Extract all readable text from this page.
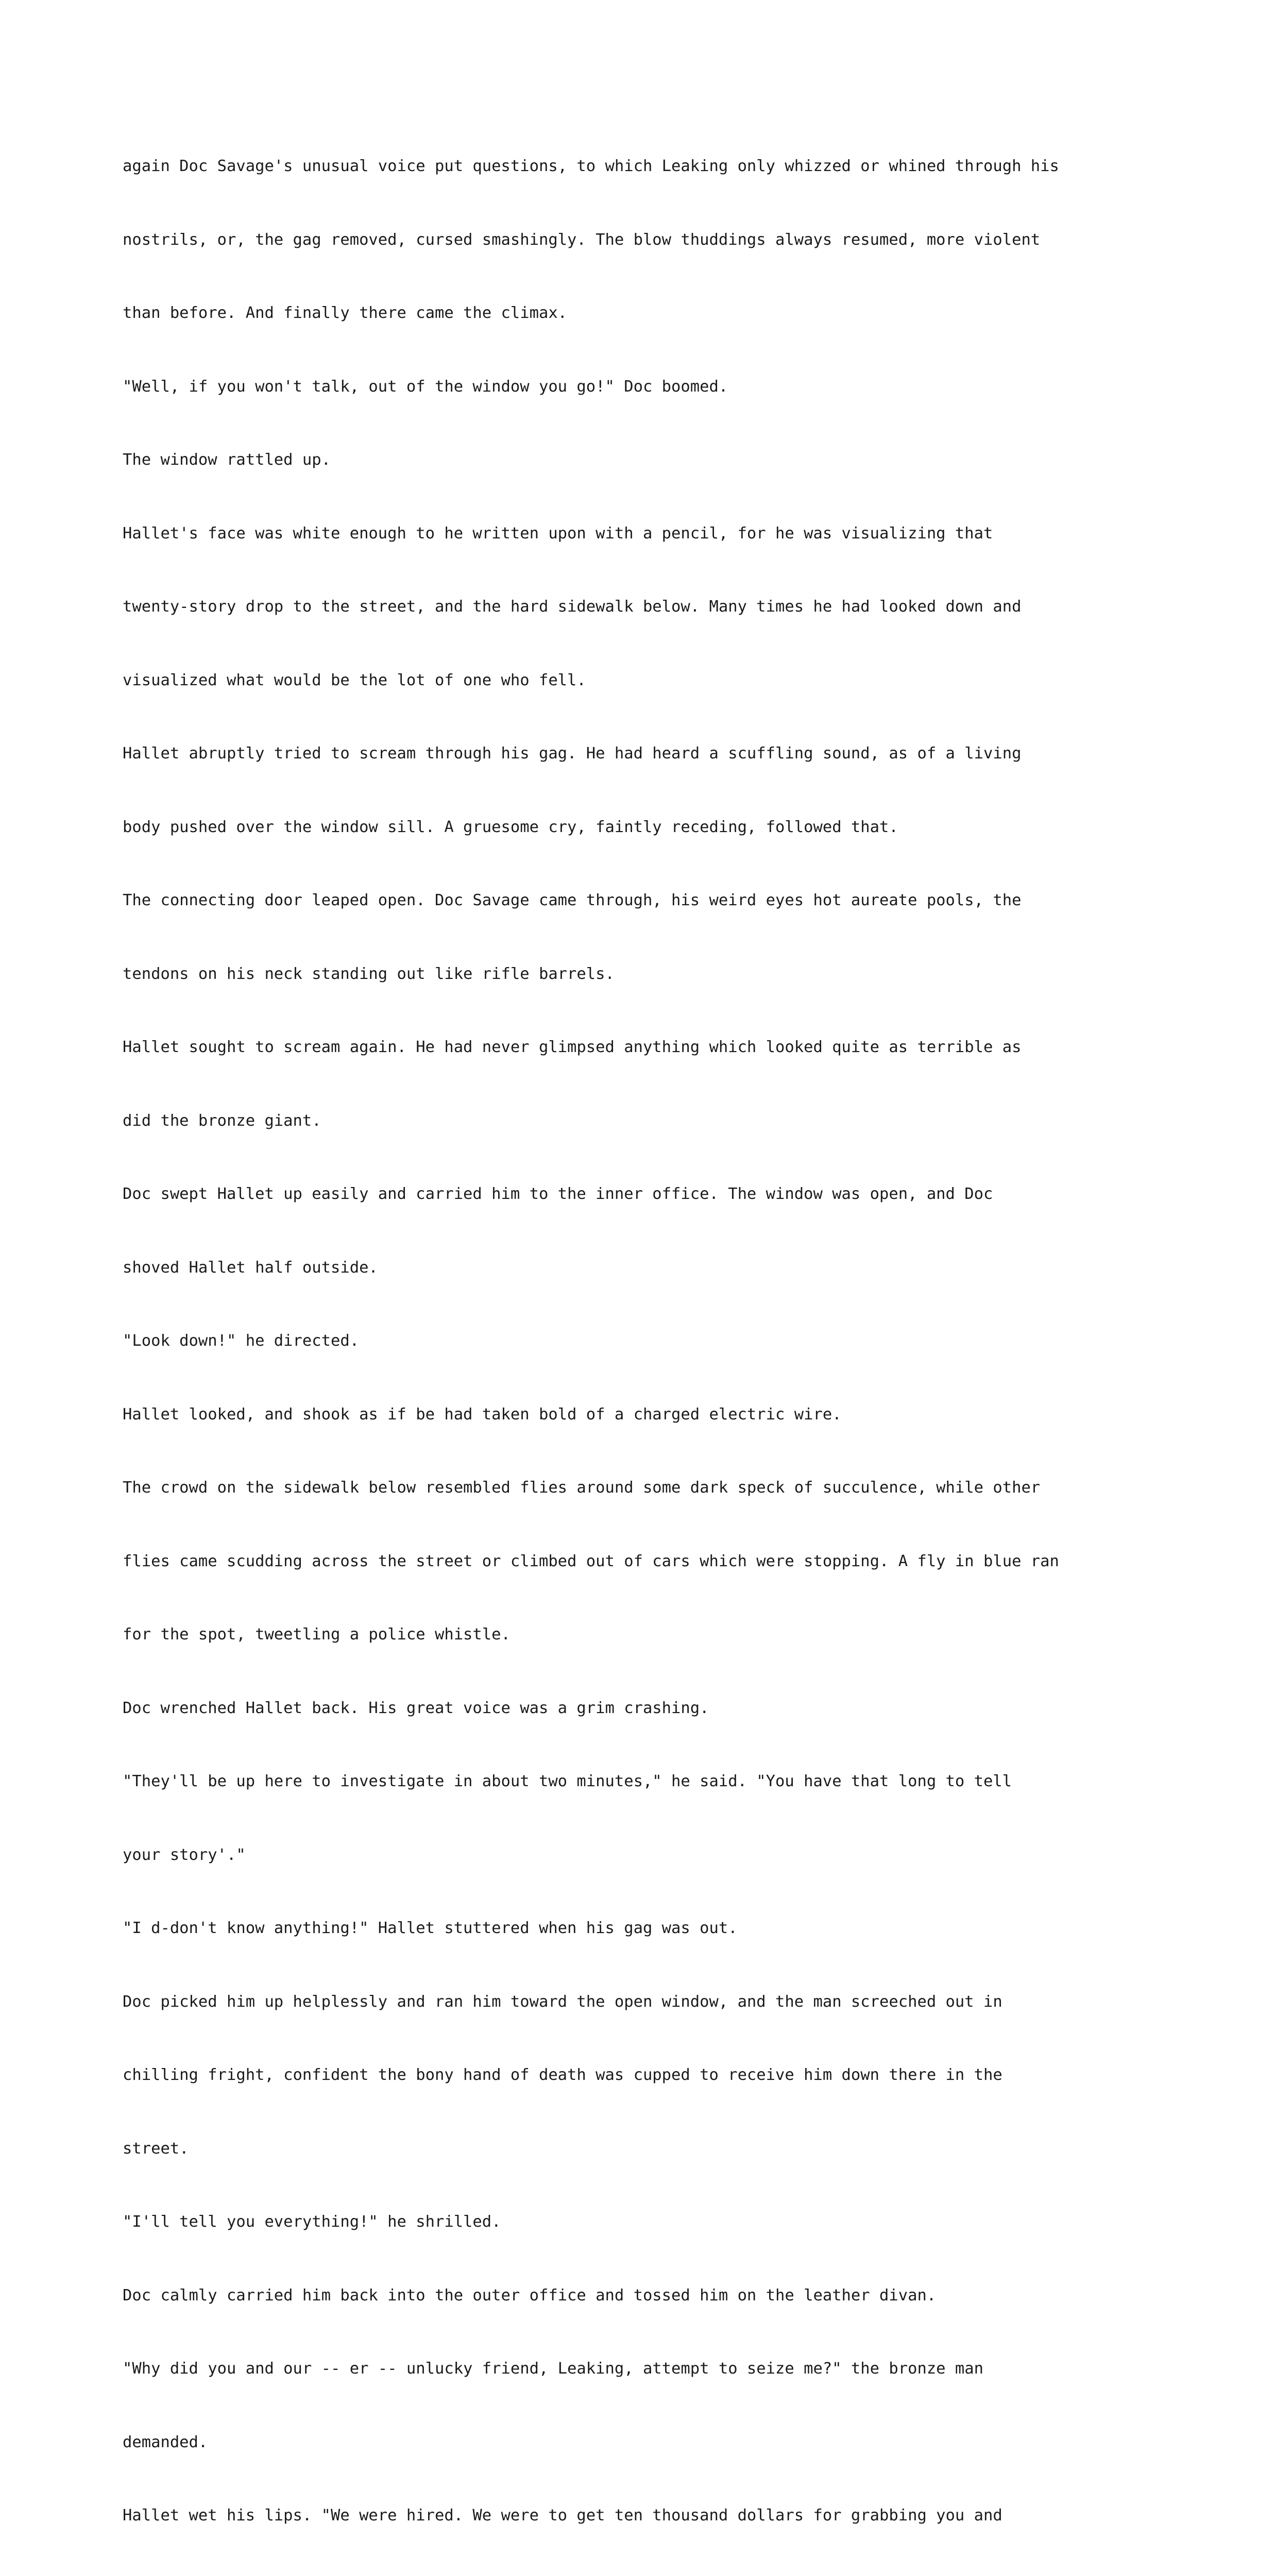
again Doc Savage's unusual voice put questions, to which Leaking only whizzed or whined through his

nostrils, or, the gag removed, cursed smashingly. The blow thuddings always resumed, more violent

than before. And finally there came the climax.

"Well, if you won't talk, out of the window you go!" Doc boomed.

The window rattled up.

Hallet's face was white enough to he written upon with a pencil, for he was visualizing that

twenty-story drop to the street, and the hard sidewalk below. Many times he had looked down and

visualized what would be the lot of one who fell.

Hallet abruptly tried to scream through his gag. He had heard a scuffling sound, as of a living

body pushed over the window sill. A gruesome cry, faintly receding, followed that.

The connecting door leaped open. Doc Savage came through, his weird eyes hot aureate pools, the

tendons on his neck standing out like rifle barrels.

Hallet sought to scream again. He had never glimpsed anything which looked quite as terrible as

did the bronze giant.

Doc swept Hallet up easily and carried him to the inner office. The window was open, and Doc

shoved Hallet half outside.

"Look down!" he directed.

Hallet looked, and shook as if be had taken bold of a charged electric wire.

The crowd on the sidewalk below resembled flies around some dark speck of succulence, while other

flies came scudding across the street or climbed out of cars which were stopping. A fly in blue ran

for the spot, tweetling a police whistle.

Doc wrenched Hallet back. His great voice was a grim crashing.

"They'll be up here to investigate in about two minutes," he said. "You have that long to tell

your story'."

"I d-don't know anything!" Hallet stuttered when his gag was out.

Doc picked him up helplessly and ran him toward the open window, and the man screeched out in

chilling fright, confident the bony hand of death was cupped to receive him down there in the

street.

"I'll tell you everything!" he shrilled.

Doc calmly carried him back into the outer office and tossed him on the leather divan.

"Why did you and our -- er -- unlucky friend, Leaking, attempt to seize me?" the bronze man

demanded.

Hallet wet his lips. "We were hired. We were to get ten thousand dollars for grabbing you and
